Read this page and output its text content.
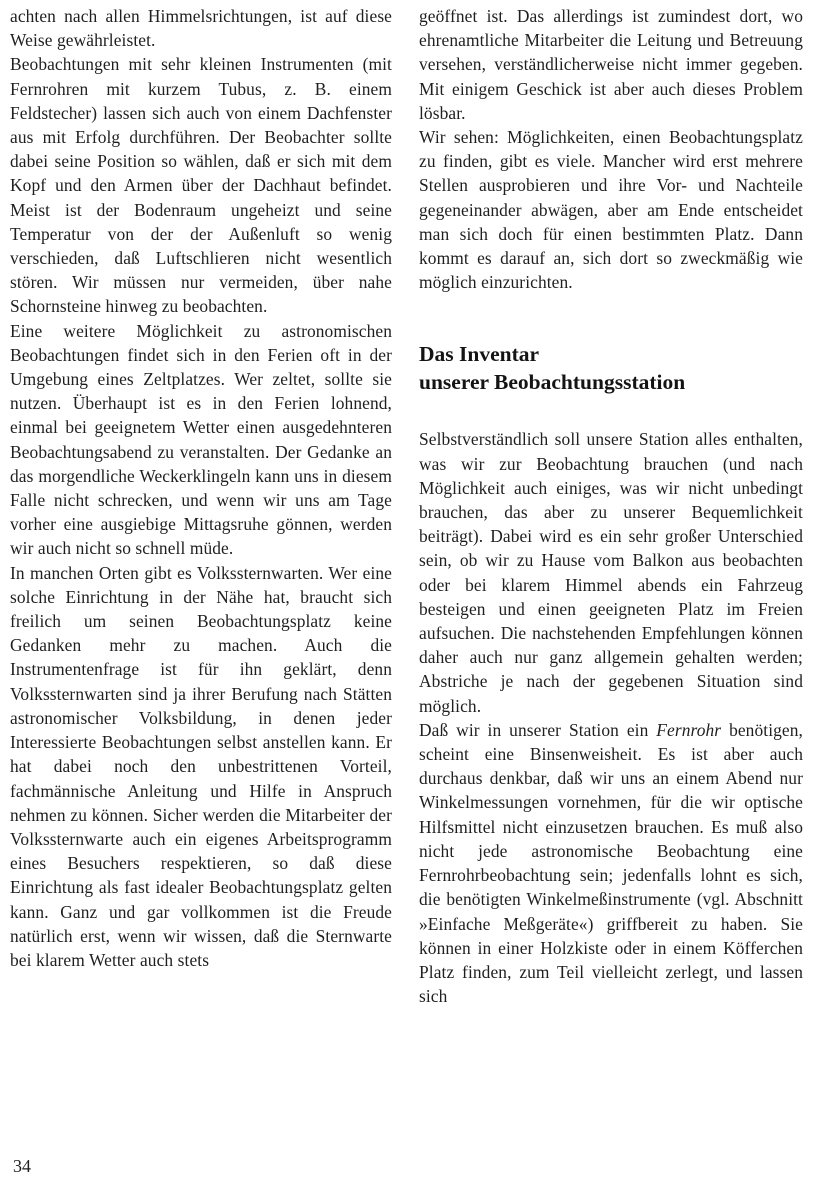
achten nach allen Himmelsrichtungen, ist auf diese Weise gewährleistet.

Beobachtungen mit sehr kleinen Instrumenten (mit Fernrohren mit kurzem Tubus, z. B. einem Feldstecher) lassen sich auch von einem Dachfenster aus mit Erfolg durchführen. Der Beobachter sollte dabei seine Position so wählen, daß er sich mit dem Kopf und den Armen über der Dachhaut befindet. Meist ist der Bodenraum ungeheizt und seine Temperatur von der der Außenluft so wenig verschieden, daß Luftschlieren nicht wesentlich stören. Wir müssen nur vermeiden, über nahe Schornsteine hinweg zu beobachten.

Eine weitere Möglichkeit zu astronomischen Beobachtungen findet sich in den Ferien oft in der Umgebung eines Zeltplatzes. Wer zeltet, sollte sie nutzen. Überhaupt ist es in den Ferien lohnend, einmal bei geeignetem Wetter einen ausgedehnteren Beobachtungsabend zu veranstalten. Der Gedanke an das morgendliche Weckerklingeln kann uns in diesem Falle nicht schrecken, und wenn wir uns am Tage vorher eine ausgiebige Mittagsruhe gönnen, werden wir auch nicht so schnell müde.

In manchen Orten gibt es Volkssternwarten. Wer eine solche Einrichtung in der Nähe hat, braucht sich freilich um seinen Beobachtungsplatz keine Gedanken mehr zu machen. Auch die Instrumentenfrage ist für ihn geklärt, denn Volkssternwarten sind ja ihrer Berufung nach Stätten astronomischer Volksbildung, in denen jeder Interessierte Beobachtungen selbst anstellen kann. Er hat dabei noch den unbestrittenen Vorteil, fachmännische Anleitung und Hilfe in Anspruch nehmen zu können. Sicher werden die Mitarbeiter der Volkssternwarte auch ein eigenes Arbeitsprogramm eines Besuchers respektieren, so daß diese Einrichtung als fast idealer Beobachtungsplatz gelten kann. Ganz und gar vollkommen ist die Freude natürlich erst, wenn wir wissen, daß die Sternwarte bei klarem Wetter auch stets

geöffnet ist. Das allerdings ist zumindest dort, wo ehrenamtliche Mitarbeiter die Leitung und Betreuung versehen, verständlicherweise nicht immer gegeben. Mit einigem Geschick ist aber auch dieses Problem lösbar.

Wir sehen: Möglichkeiten, einen Beobachtungsplatz zu finden, gibt es viele. Mancher wird erst mehrere Stellen ausprobieren und ihre Vor- und Nachteile gegeneinander abwägen, aber am Ende entscheidet man sich doch für einen bestimmten Platz. Dann kommt es darauf an, sich dort so zweckmäßig wie möglich einzurichten.

Das Inventar
unserer Beobachtungsstation

Selbstverständlich soll unsere Station alles enthalten, was wir zur Beobachtung brauchen (und nach Möglichkeit auch einiges, was wir nicht unbedingt brauchen, das aber zu unserer Bequemlichkeit beiträgt). Dabei wird es ein sehr großer Unterschied sein, ob wir zu Hause vom Balkon aus beobachten oder bei klarem Himmel abends ein Fahrzeug besteigen und einen geeigneten Platz im Freien aufsuchen. Die nachstehenden Empfehlungen können daher auch nur ganz allgemein gehalten werden; Abstriche je nach der gegebenen Situation sind möglich.

Daß wir in unserer Station ein Fernrohr benötigen, scheint eine Binsenweisheit. Es ist aber auch durchaus denkbar, daß wir uns an einem Abend nur Winkelmessungen vornehmen, für die wir optische Hilfsmittel nicht einzusetzen brauchen. Es muß also nicht jede astronomische Beobachtung eine Fernrohrbeobachtung sein; jedenfalls lohnt es sich, die benötigten Winkelmeßinstrumente (vgl. Abschnitt »Einfache Meßgeräte«) griffbereit zu haben. Sie können in einer Holzkiste oder in einem Köfferchen Platz finden, zum Teil vielleicht zerlegt, und lassen sich

34
